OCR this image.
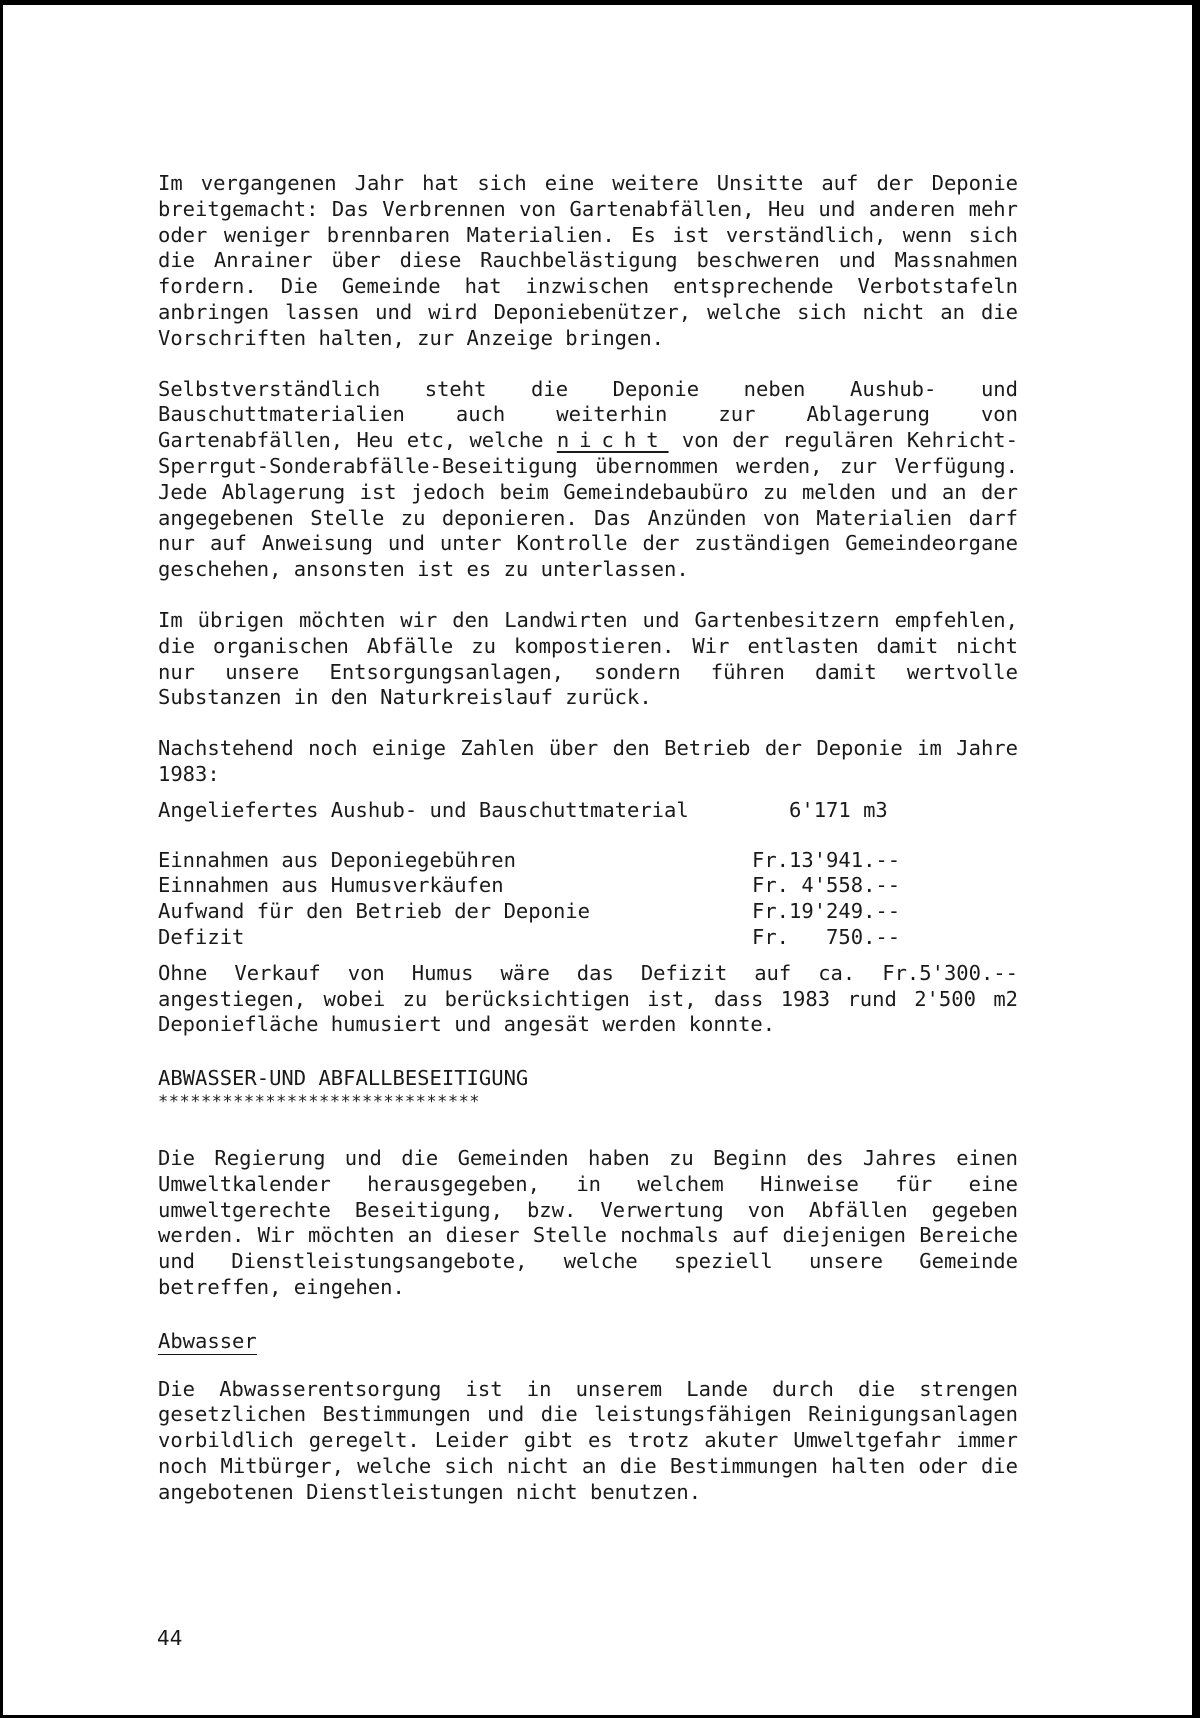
Im vergangenen Jahr hat sich eine weitere Unsitte auf der Deponie breitgemacht: Das Verbrennen von Gartenabfällen, Heu und anderen mehr oder weniger brennbaren Materialien. Es ist verständlich, wenn sich die Anrainer über diese Rauchbelästigung beschweren und Massnahmen fordern. Die Gemeinde hat inzwischen entsprechende Verbotstafeln anbringen lassen und wird Deponiebenützer, welche sich nicht an die Vorschriften halten, zur Anzeige bringen.

Selbstverständlich steht die Deponie neben Aushub- und Bauschuttmaterialien auch weiterhin zur Ablagerung von Gartenabfällen, Heu etc, welche nicht von der regulären Kehricht-Sperrgut-Sonderabfälle-Beseitigung übernommen werden, zur Verfügung. Jede Ablagerung ist jedoch beim Gemeindebaubüro zu melden und an der angegebenen Stelle zu deponieren. Das Anzünden von Materialien darf nur auf Anweisung und unter Kontrolle der zuständigen Gemeindeorgane geschehen, ansonsten ist es zu unterlassen.

Im übrigen möchten wir den Landwirten und Gartenbesitzern empfehlen, die organischen Abfälle zu kompostieren. Wir entlasten damit nicht nur unsere Entsorgungsanlagen, sondern führen damit wertvolle Substanzen in den Naturkreislauf zurück.

Nachstehend noch einige Zahlen über den Betrieb der Deponie im Jahre 1983:

Angeliefertes Aushub- und Bauschuttmaterial	6'171 m3
Einnahmen aus Deponiegebühren	Fr.13'941.--
Einnahmen aus Humusverkäufen	Fr. 4'558.--
Aufwand für den Betrieb der Deponie	Fr.19'249.--
Defizit	Fr.   750.--

Ohne Verkauf von Humus wäre das Defizit auf ca. Fr.5'300.-- angestiegen, wobei zu berücksichtigen ist, dass 1983 rund 2'500 m2 Deponiefläche humusiert und angesät werden konnte.

ABWASSER-UND ABFALLBESEITIGUNG

******************************

Die Regierung und die Gemeinden haben zu Beginn des Jahres einen Umweltkalender herausgegeben, in welchem Hinweise für eine umweltgerechte Beseitigung, bzw. Verwertung von Abfällen gegeben werden. Wir möchten an dieser Stelle nochmals auf diejenigen Bereiche und Dienstleistungsangebote, welche speziell unsere Gemeinde betreffen, eingehen.

Abwasser

Die Abwasserentsorgung ist in unserem Lande durch die strengen gesetzlichen Bestimmungen und die leistungsfähigen Reinigungsanlagen vorbildlich geregelt. Leider gibt es trotz akuter Umweltgefahr immer noch Mitbürger, welche sich nicht an die Bestimmungen halten oder die angebotenen Dienstleistungen nicht benutzen.

44
